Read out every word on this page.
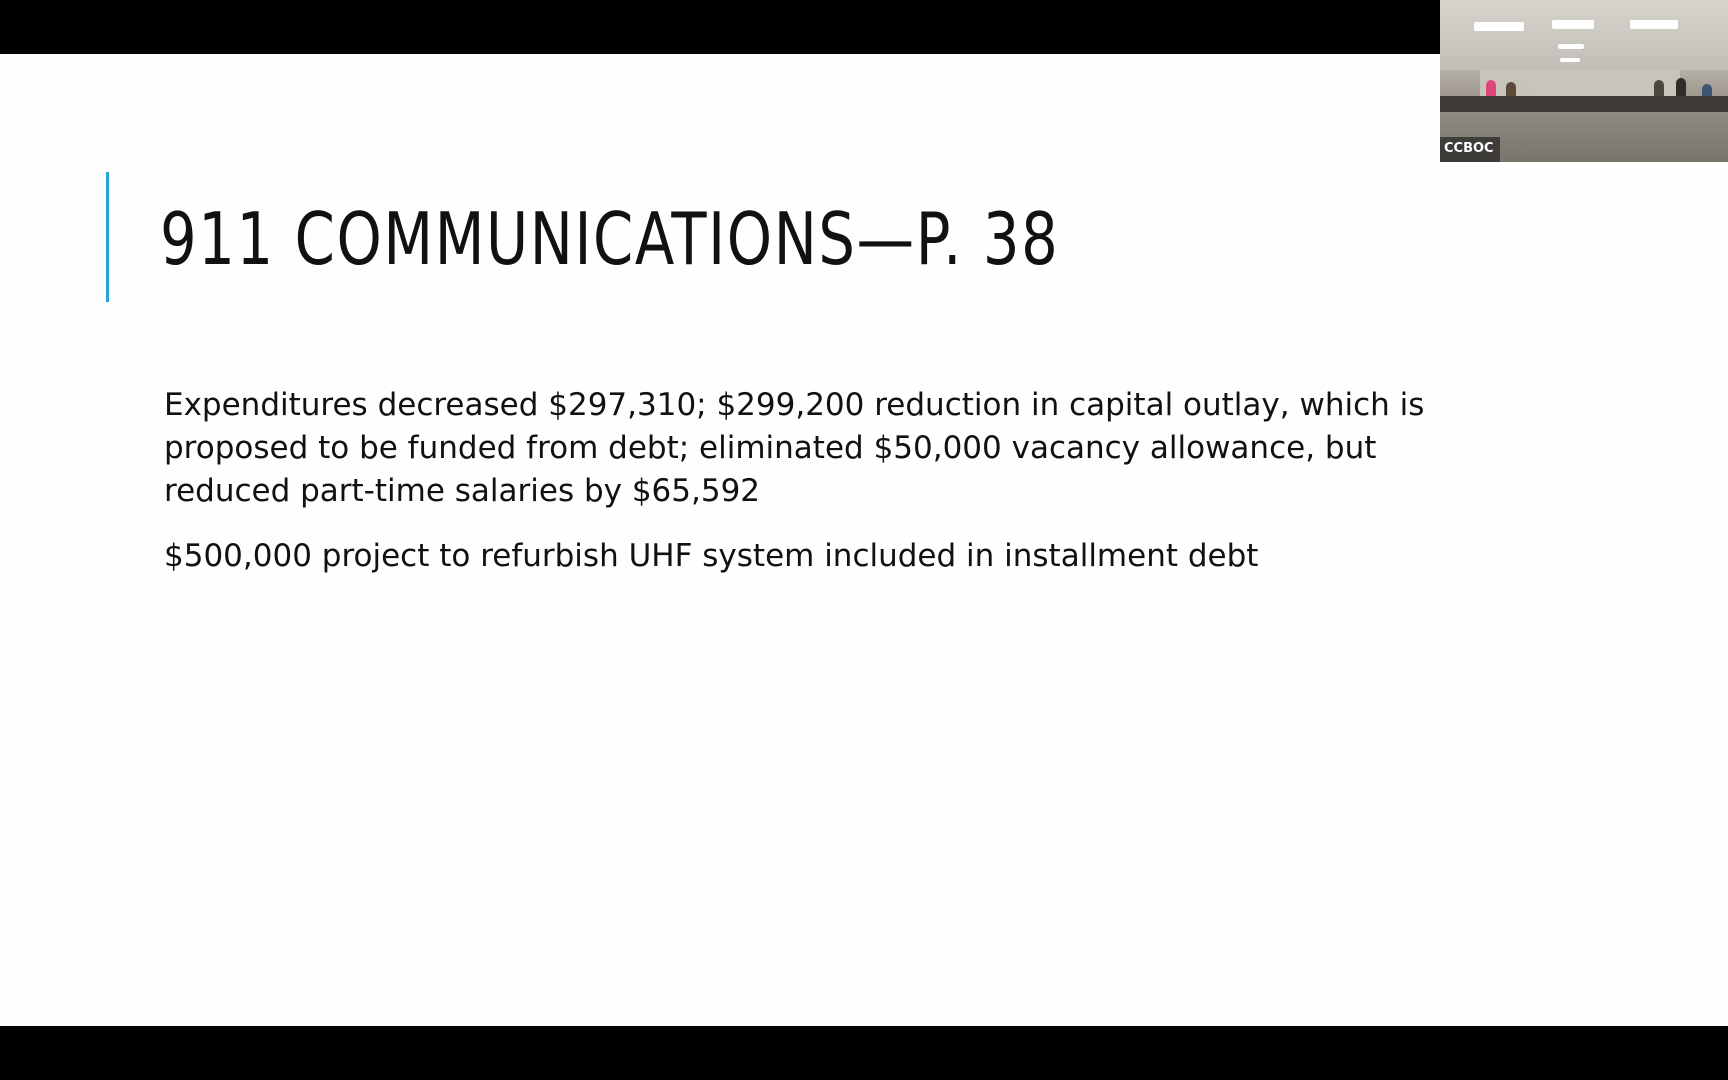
911 COMMUNICATIONS—P. 38

Expenditures decreased $297,310; $299,200 reduction in capital outlay, which is proposed to be funded from debt; eliminated $50,000 vacancy allowance, but reduced part-time salaries by $65,592

$500,000 project to refurbish UHF system included in installment debt

CCBOC
